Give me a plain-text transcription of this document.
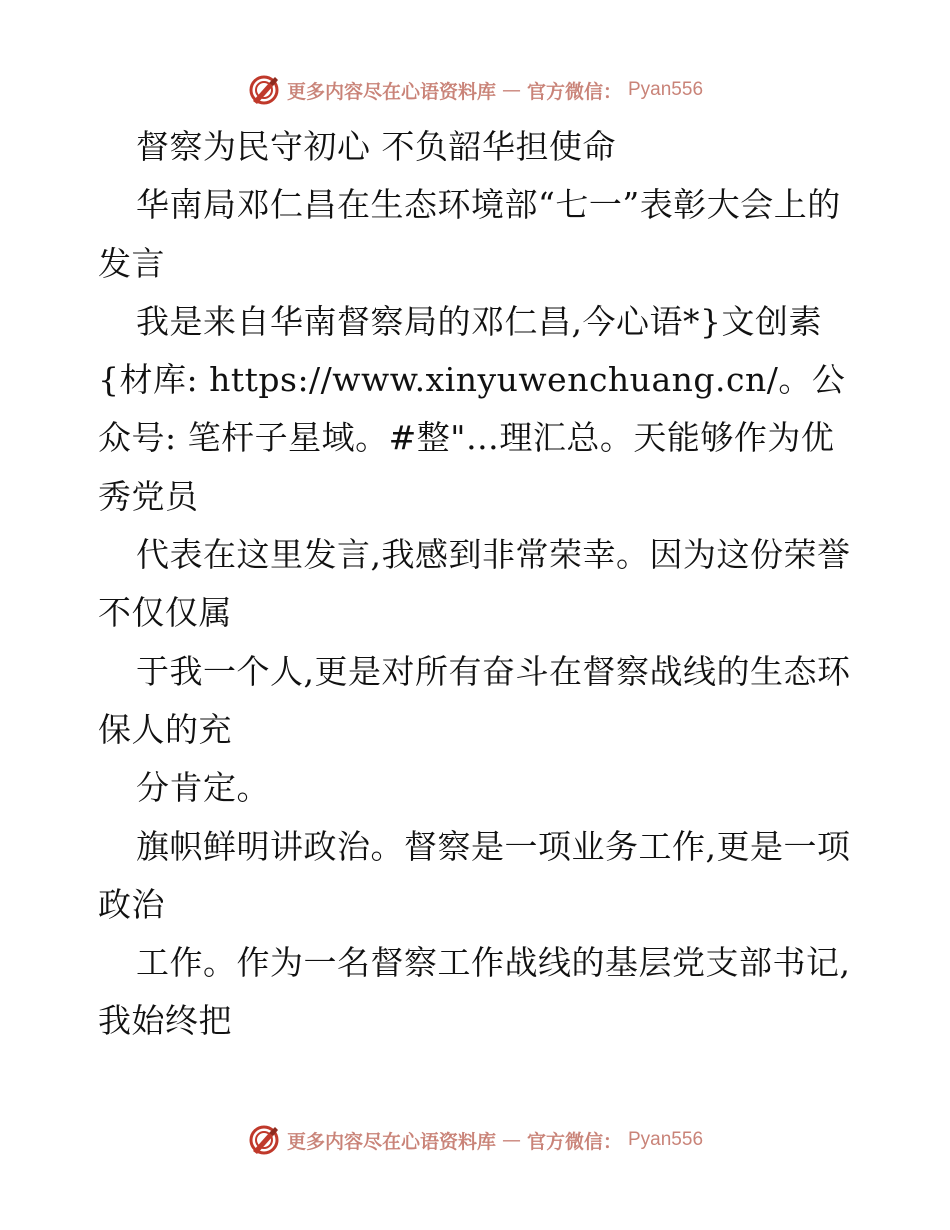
更多内容尽在心语资料库 — 官方微信： Pyan556

督察为民守初心 不负韶华担使命

华南局邓仁昌在生态环境部“七一”表彰大会上的发言

我是来自华南督察局的邓仁昌,今心语*}文创素{材库: https://www.xinyuwenchuang.cn/。公众号: 笔杆子星域。#整"…理汇总。天能够作为优秀党员

代表在这里发言,我感到非常荣幸。因为这份荣誉不仅仅属

于我一个人,更是对所有奋斗在督察战线的生态环保人的充

分肯定。

旗帜鲜明讲政治。督察是一项业务工作,更是一项政治

工作。作为一名督察工作战线的基层党支部书记,我始终把

更多内容尽在心语资料库 — 官方微信： Pyan556
